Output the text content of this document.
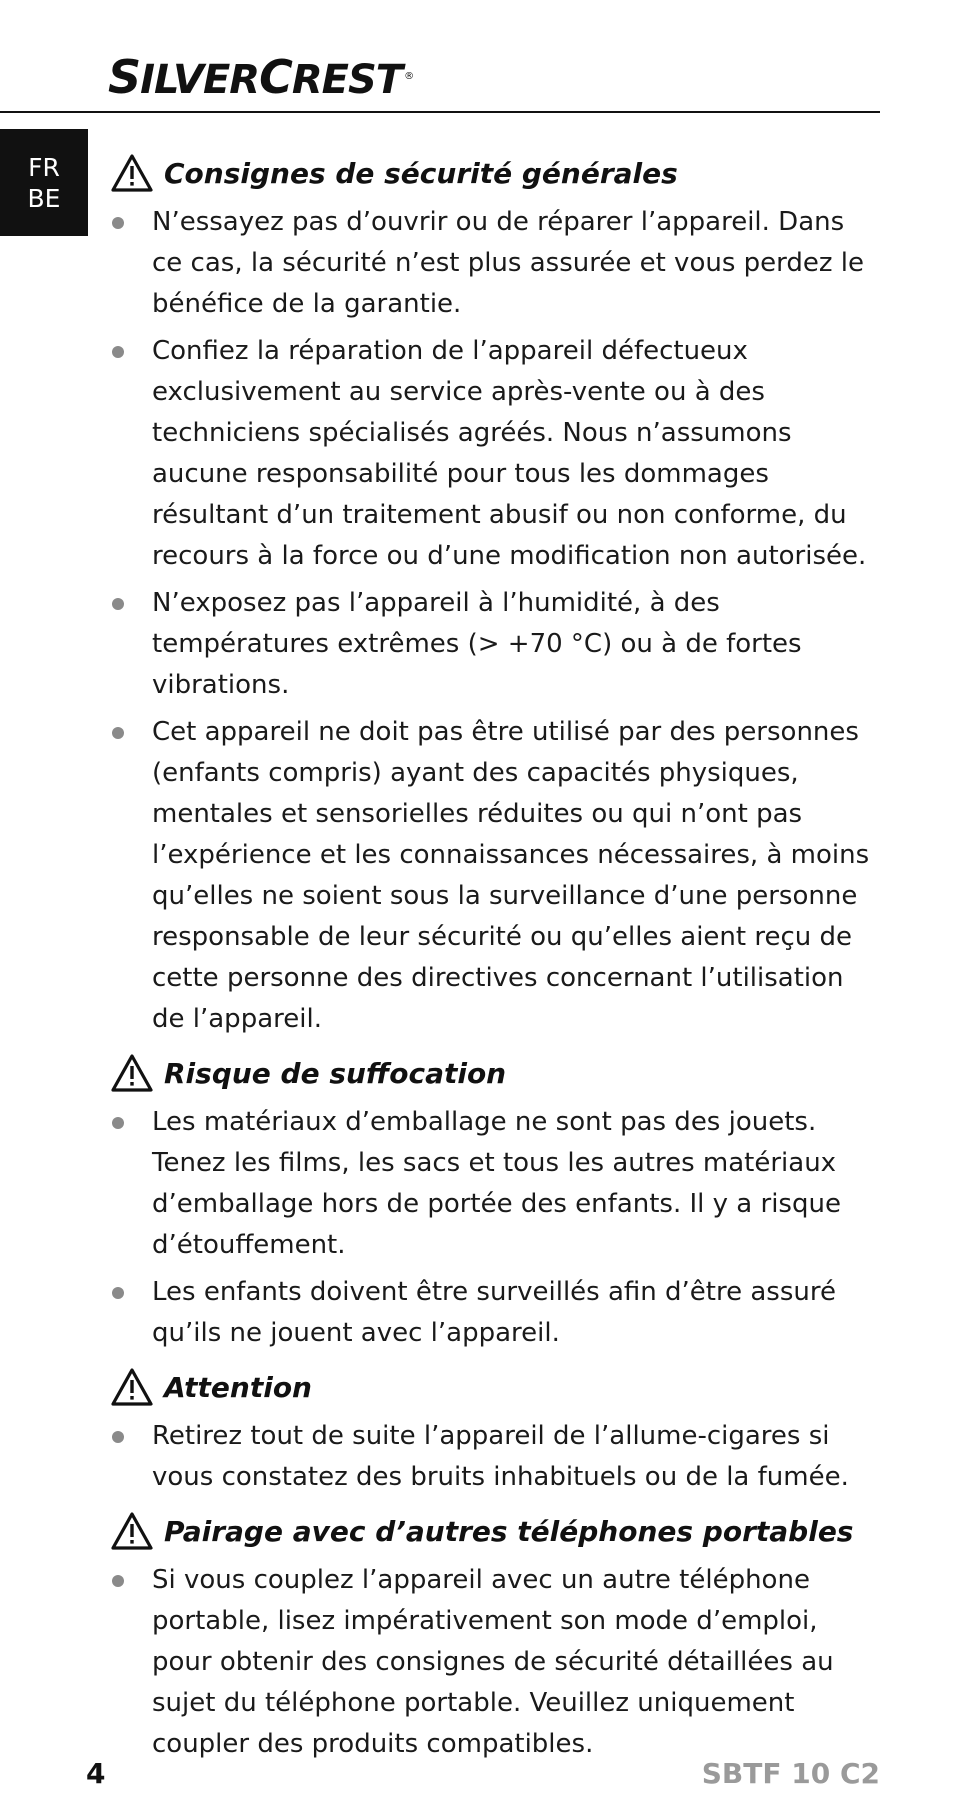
SILVERCREST ®
FR
BE
Consignes de sécurité générales
N’essayez pas d’ouvrir ou de réparer l’appareil. Dans ce cas, la sécurité n’est plus assurée et vous perdez le bénéfice de la garantie.
Confiez la réparation de l’appareil défectueux exclusivement au service après-vente ou à des techniciens spécialisés agréés. Nous n’assumons aucune responsabilité pour tous les dommages résultant d’un traitement abusif ou non conforme, du recours à la force ou d’une modification non autorisée.
N’exposez pas l’appareil à l’humidité, à des températures extrêmes (> +70 °C) ou à de fortes vibrations.
Cet appareil ne doit pas être utilisé par des personnes (enfants compris) ayant des capacités physiques, mentales et sensorielles réduites ou qui n’ont pas l’expérience et les connaissances nécessaires, à moins qu’elles ne soient sous la surveillance d’une personne responsable de leur sécurité ou qu’elles aient reçu de cette personne des directives concernant l’utilisation de l’appareil.
Risque de suffocation
Les matériaux d’emballage ne sont pas des jouets. Tenez les films, les sacs et tous les autres matériaux d’emballage hors de portée des enfants. Il y a risque d’étouffement.
Les enfants doivent être surveillés afin d’être assuré qu’ils ne jouent avec l’appareil.
Attention
Retirez tout de suite l’appareil de l’allume-cigares si vous constatez des bruits inhabituels ou de la fumée.
Pairage avec d’autres téléphones portables
Si vous couplez l’appareil avec un autre téléphone portable, lisez impérativement son mode d’emploi, pour obtenir des consignes de sécurité détaillées au sujet du téléphone portable. Veuillez uniquement coupler des produits compatibles.
4	SBTF 10 C2
